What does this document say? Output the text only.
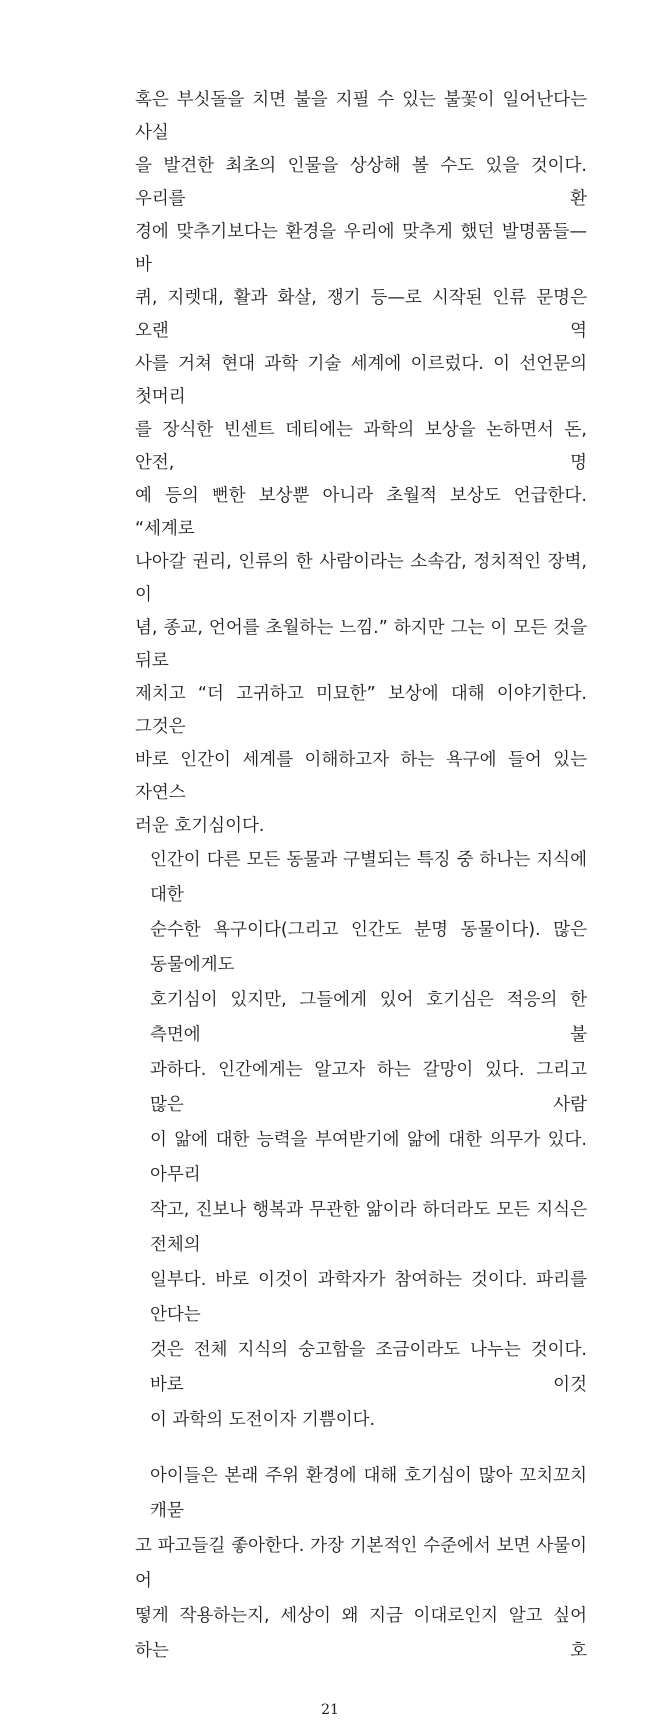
혹은 부싯돌을 치면 불을 지필 수 있는 불꽃이 일어난다는 사실
을 발견한 최초의 인물을 상상해 볼 수도 있을 것이다. 우리를 환
경에 맞추기보다는 환경을 우리에 맞추게 했던 발명품들—바
퀴, 지렛대, 활과 화살, 쟁기 등—로 시작된 인류 문명은 오랜 역
사를 거쳐 현대 과학 기술 세계에 이르렀다. 이 선언문의 첫머리
를 장식한 빈센트 데티에는 과학의 보상을 논하면서 돈, 안전, 명
예 등의 뻔한 보상뿐 아니라 초월적 보상도 언급한다. “세계로
나아갈 권리, 인류의 한 사람이라는 소속감, 정치적인 장벽, 이
념, 종교, 언어를 초월하는 느낌.” 하지만 그는 이 모든 것을 뒤로
제치고 “더 고귀하고 미묘한” 보상에 대해 이야기한다. 그것은
바로 인간이 세계를 이해하고자 하는 욕구에 들어 있는 자연스
러운 호기심이다.
인간이 다른 모든 동물과 구별되는 특징 중 하나는 지식에 대한
순수한 욕구이다(그리고 인간도 분명 동물이다). 많은 동물에게도
호기심이 있지만, 그들에게 있어 호기심은 적응의 한 측면에 불
과하다. 인간에게는 알고자 하는 갈망이 있다. 그리고 많은 사람
이 앎에 대한 능력을 부여받기에 앎에 대한 의무가 있다. 아무리
작고, 진보나 행복과 무관한 앎이라 하더라도 모든 지식은 전체의
일부다. 바로 이것이 과학자가 참여하는 것이다. 파리를 안다는
것은 전체 지식의 숭고함을 조금이라도 나누는 것이다. 바로 이것
이 과학의 도전이자 기쁨이다.
아이들은 본래 주위 환경에 대해 호기심이 많아 꼬치꼬치 캐묻
고 파고들길 좋아한다. 가장 기본적인 수준에서 보면 사물이 어
떻게 작용하는지, 세상이 왜 지금 이대로인지 알고 싶어 하는 호
21
